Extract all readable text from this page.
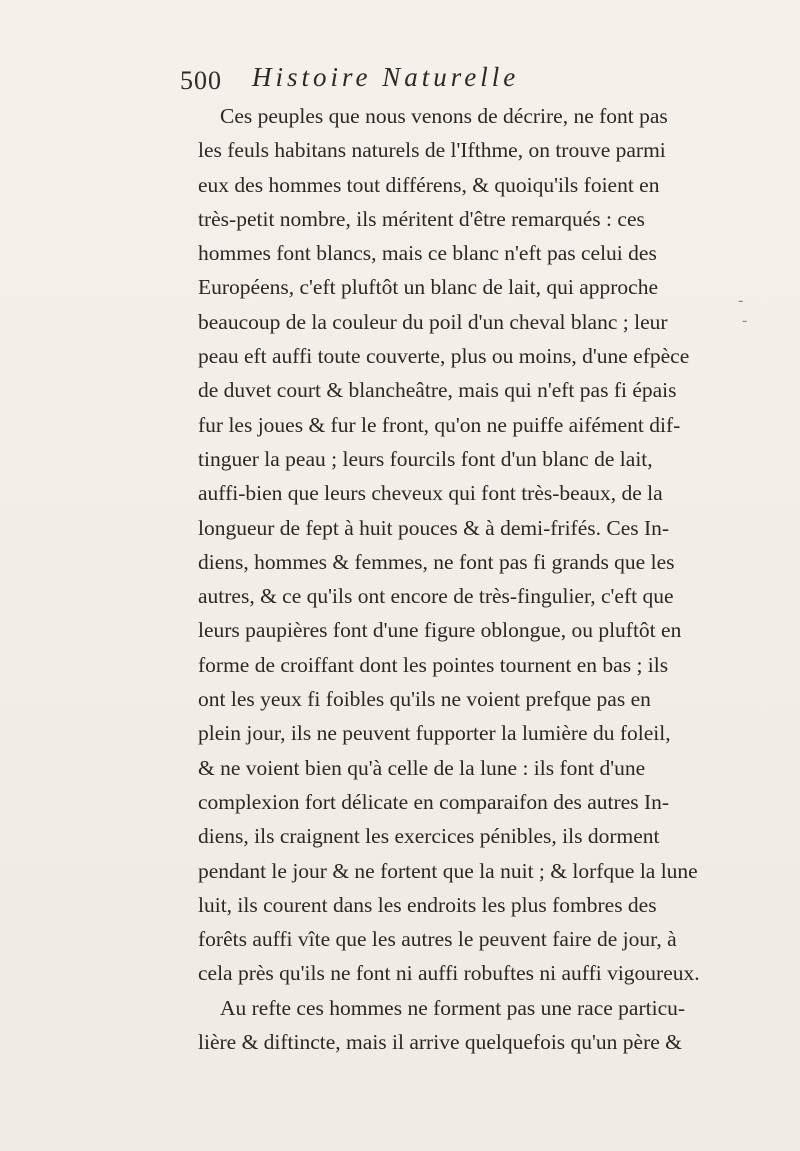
500 Histoire Naturelle
Ces peuples que nous venons de décrire, ne font pas
les feuls habitans naturels de l'Ifthme, on trouve parmi
eux des hommes tout différens, & quoiqu'ils foient en
très-petit nombre, ils méritent d'être remarqués : ces
hommes font blancs, mais ce blanc n'eft pas celui des
Européens, c'eft pluftôt un blanc de lait, qui approche
beaucoup de la couleur du poil d'un cheval blanc ; leur
peau eft auffi toute couverte, plus ou moins, d'une efpèce
de duvet court & blancheâtre, mais qui n'eft pas fi épais
fur les joues & fur le front, qu'on ne puiffe aifément dif-
tinguer la peau ; leurs fourcils font d'un blanc de lait,
auffi-bien que leurs cheveux qui font très-beaux, de la
longueur de fept à huit pouces & à demi-frifés. Ces In-
diens, hommes & femmes, ne font pas fi grands que les
autres, & ce qu'ils ont encore de très-fingulier, c'eft que
leurs paupières font d'une figure oblongue, ou pluftôt en
forme de croiffant dont les pointes tournent en bas ; ils
ont les yeux fi foibles qu'ils ne voient prefque pas en
plein jour, ils ne peuvent fupporter la lumière du foleil,
& ne voient bien qu'à celle de la lune : ils font d'une
complexion fort délicate en comparaifon des autres In-
diens, ils craignent les exercices pénibles, ils dorment
pendant le jour & ne fortent que la nuit ; & lorfque la lune
luit, ils courent dans les endroits les plus fombres des
forêts auffi vîte que les autres le peuvent faire de jour, à
cela près qu'ils ne font ni auffi robuftes ni auffi vigoureux.
Au refte ces hommes ne forment pas une race particu-
lière & diftincte, mais il arrive quelquefois qu'un père &
-
-
